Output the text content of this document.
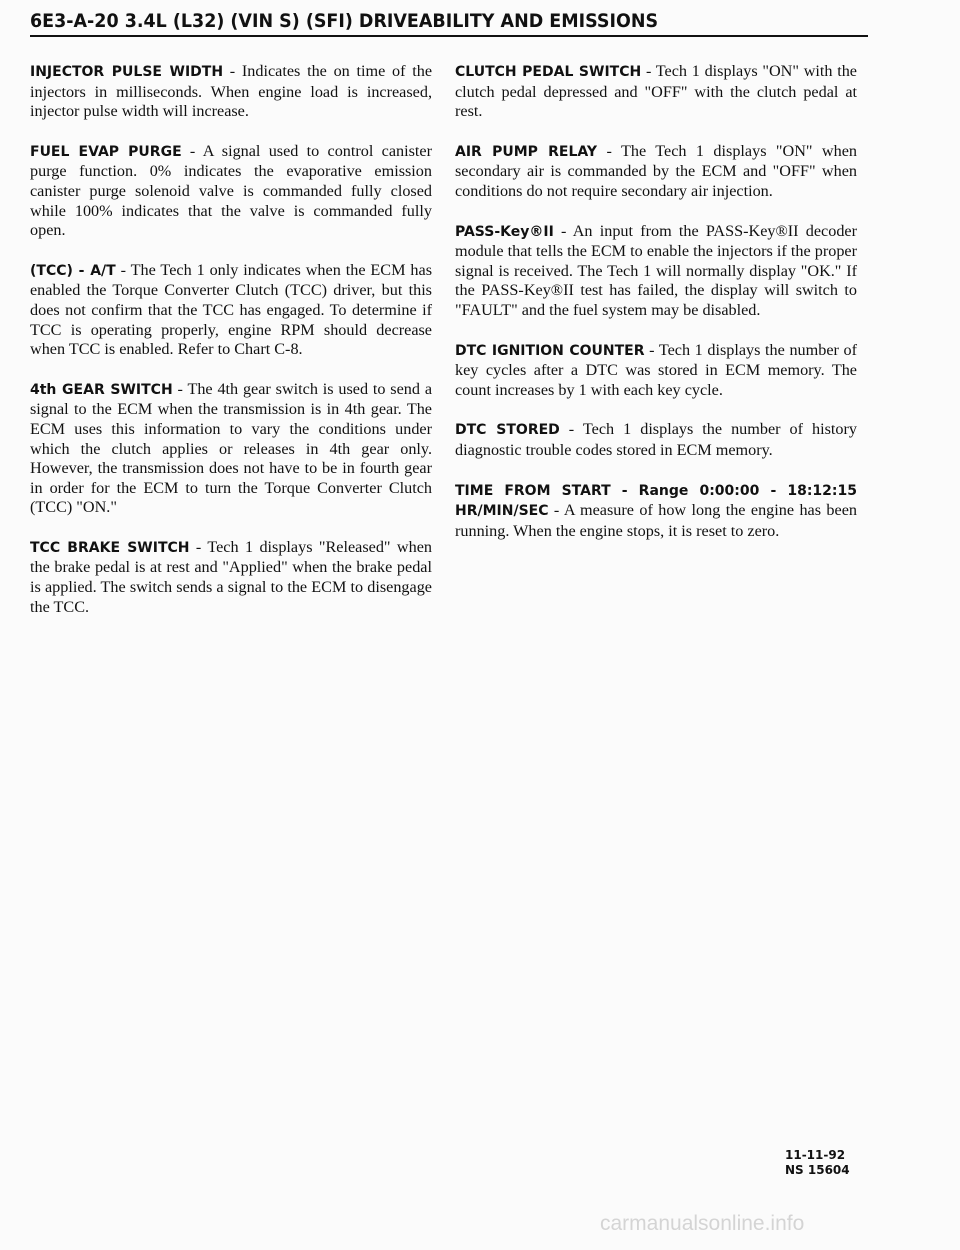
6E3-A-20 3.4L (L32) (VIN S) (SFI) DRIVEABILITY AND EMISSIONS

INJECTOR PULSE WIDTH - Indicates the on time of the injectors in milliseconds. When engine load is increased, injector pulse width will increase.

FUEL EVAP PURGE - A signal used to control canister purge function. 0% indicates the evaporative emission canister purge solenoid valve is commanded fully closed while 100% indicates that the valve is commanded fully open.

(TCC) - A/T - The Tech 1 only indicates when the ECM has enabled the Torque Converter Clutch (TCC) driver, but this does not confirm that the TCC has engaged. To determine if TCC is operating properly, engine RPM should decrease when TCC is enabled. Refer to Chart C-8.

4th GEAR SWITCH - The 4th gear switch is used to send a signal to the ECM when the transmission is in 4th gear. The ECM uses this information to vary the conditions under which the clutch applies or releases in 4th gear only. However, the transmission does not have to be in fourth gear in order for the ECM to turn the Torque Converter Clutch (TCC) "ON."

TCC BRAKE SWITCH - Tech 1 displays "Released" when the brake pedal is at rest and "Applied" when the brake pedal is applied. The switch sends a signal to the ECM to disengage the TCC.

CLUTCH PEDAL SWITCH - Tech 1 displays "ON" with the clutch pedal depressed and "OFF" with the clutch pedal at rest.

AIR PUMP RELAY - The Tech 1 displays "ON" when secondary air is commanded by the ECM and "OFF" when conditions do not require secondary air injection.

PASS-Key®II - An input from the PASS-Key®II decoder module that tells the ECM to enable the injectors if the proper signal is received. The Tech 1 will normally display "OK." If the PASS-Key®II test has failed, the display will switch to "FAULT" and the fuel system may be disabled.

DTC IGNITION COUNTER - Tech 1 displays the number of key cycles after a DTC was stored in ECM memory. The count increases by 1 with each key cycle.

DTC STORED - Tech 1 displays the number of history diagnostic trouble codes stored in ECM memory.

TIME FROM START - Range 0:00:00 - 18:12:15 HR/MIN/SEC - A measure of how long the engine has been running. When the engine stops, it is reset to zero.

11-11-92
NS 15604
carmanualsonline.info
